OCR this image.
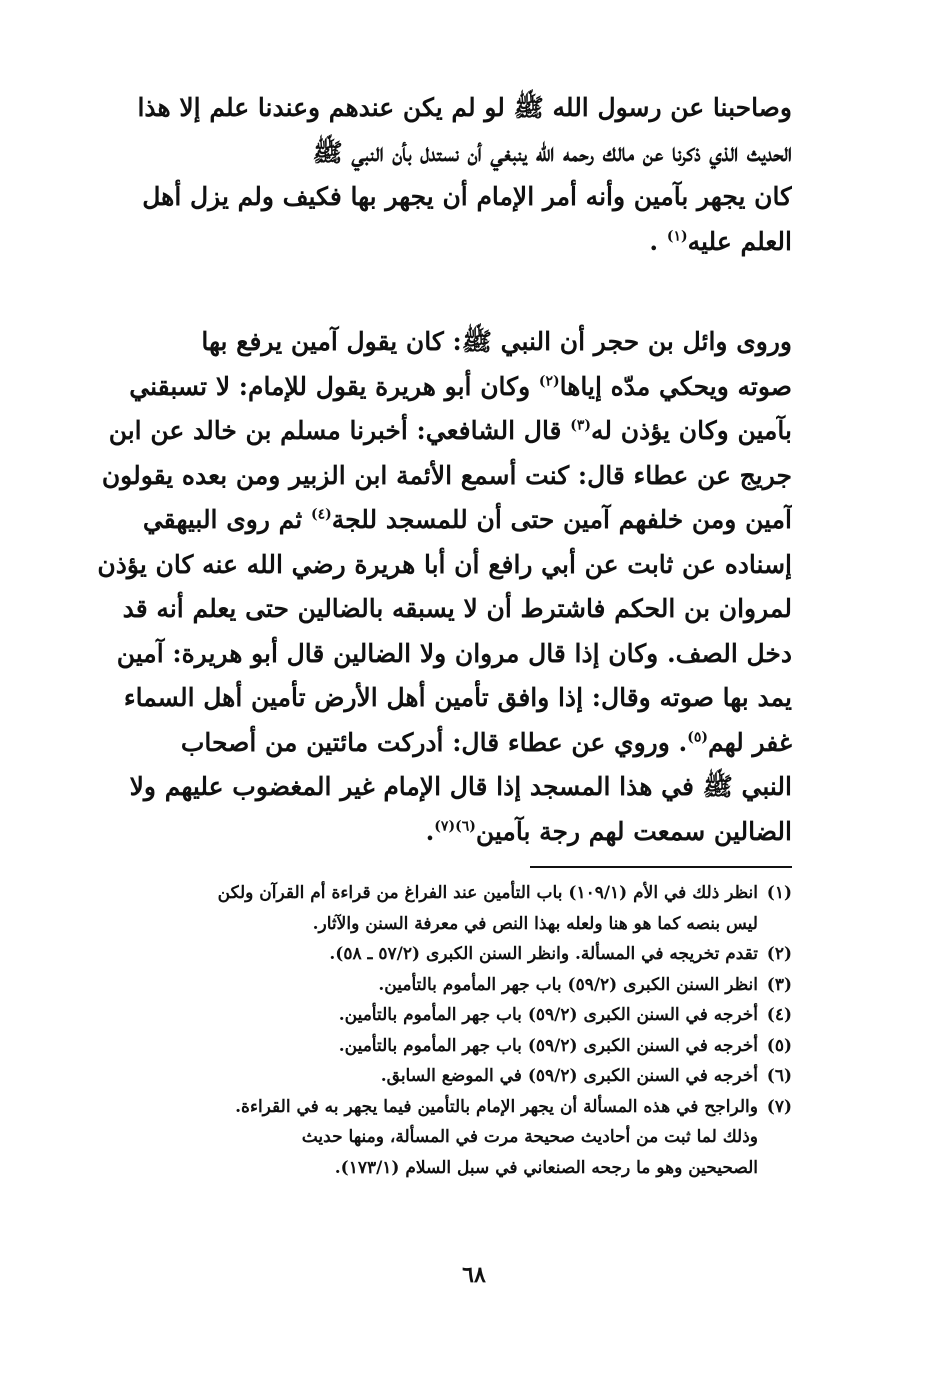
وصاحبنا عن رسول الله ﷺ لو لم يكن عندهم وعندنا علم إلا هذا
الحديث الذي ذكرنا عن مالك رحمه الله ينبغي أن نستدل بأن النبي ﷺ
كان يجهر بآمين وأنه أمر الإمام أن يجهر بها فكيف ولم يزل أهل
العلم عليه$^{(١)}$ .
وروى وائل بن حجر أن النبي ﷺ: كان يقول آمين يرفع بها
صوته ويحكي مدّه إياها$^{(٢)}$ وكان أبو هريرة يقول للإمام: لا تسبقني
بآمين وكان يؤذن له$^{(٣)}$ قال الشافعي: أخبرنا مسلم بن خالد عن ابن
جريج عن عطاء قال: كنت أسمع الأئمة ابن الزبير ومن بعده يقولون
آمين ومن خلفهم آمين حتى أن للمسجد للجة$^{(٤)}$ ثم روى البيهقي
إسناده عن ثابت عن أبي رافع أن أبا هريرة رضي الله عنه كان يؤذن
لمروان بن الحكم فاشترط أن لا يسبقه بالضالين حتى يعلم أنه قد
دخل الصف. وكان إذا قال مروان ولا الضالين قال أبو هريرة: آمين
يمد بها صوته وقال: إذا وافق تأمين أهل الأرض تأمين أهل السماء
غفر لهم$^{(٥)}$. وروي عن عطاء قال: أدركت مائتين من أصحاب
النبي ﷺ في هذا المسجد إذا قال الإمام غير المغضوب عليهم ولا
الضالين سمعت لهم رجة بآمين$^{(٦)(٧)}$.
(١)
انظر ذلك في الأم (١٠٩/١) باب التأمين عند الفراغ من قراءة أم القرآن ولكن
ليس بنصه كما هو هنا ولعله بهذا النص في معرفة السنن والآثار.
(٢)
تقدم تخريجه في المسألة. وانظر السنن الكبرى (٥٧/٢ ـ ٥٨).
(٣)
انظر السنن الكبرى (٥٩/٢) باب جهر المأموم بالتأمين.
(٤)
أخرجه في السنن الكبرى (٥٩/٢) باب جهر المأموم بالتأمين.
(٥)
أخرجه في السنن الكبرى (٥٩/٢) باب جهر المأموم بالتأمين.
(٦)
أخرجه في السنن الكبرى (٥٩/٢) في الموضع السابق.
(٧)
والراجح في هذه المسألة أن يجهر الإمام بالتأمين فيما يجهر به في القراءة.
وذلك لما ثبت من أحاديث صحيحة مرت في المسألة، ومنها حديث
الصحيحين وهو ما رجحه الصنعاني في سبل السلام (١٧٣/١).
٦٨
